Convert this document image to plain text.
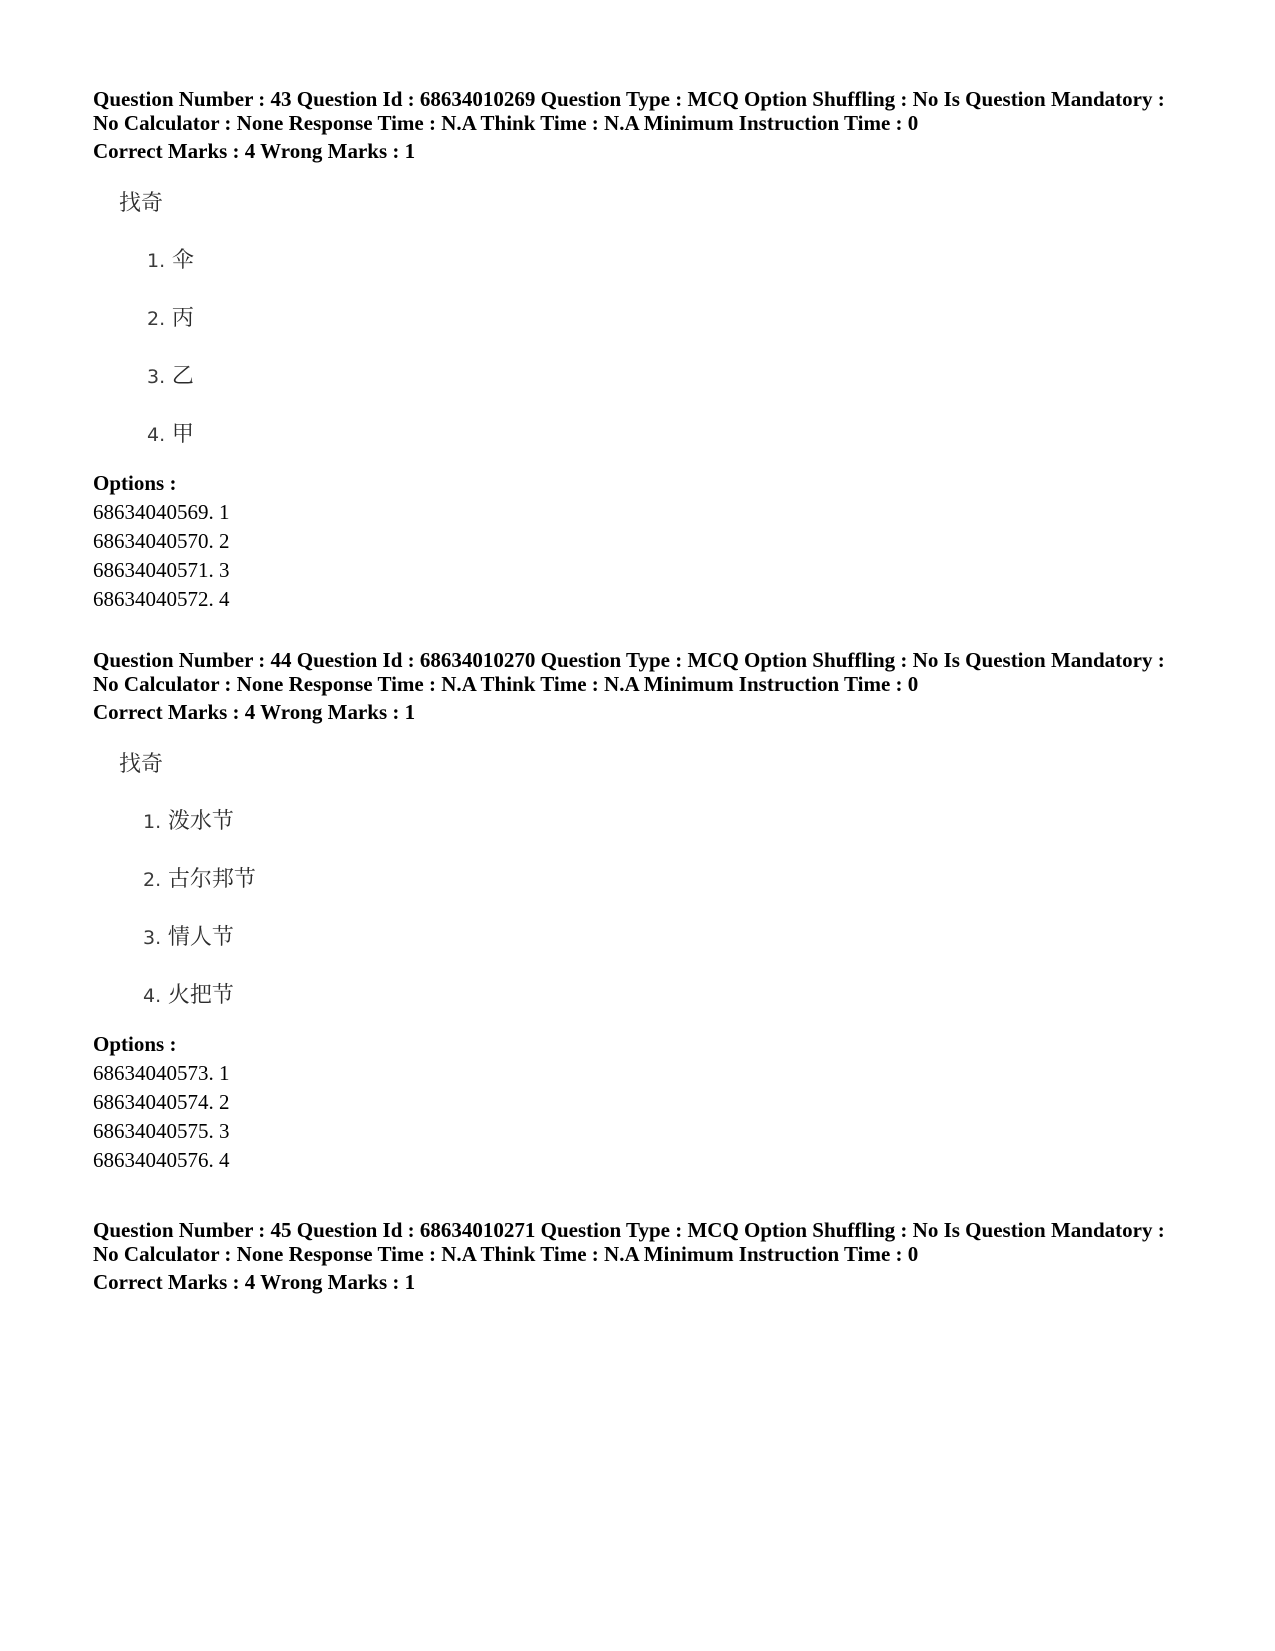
Question Number : 43 Question Id : 68634010269 Question Type : MCQ Option Shuffling : No Is Question Mandatory :
No Calculator : None Response Time : N.A Think Time : N.A Minimum Instruction Time : 0
Correct Marks : 4 Wrong Marks : 1
找奇
1. 伞
2. 丙
3. 乙
4. 甲
Options :
68634040569. 1
68634040570. 2
68634040571. 3
68634040572. 4
Question Number : 44 Question Id : 68634010270 Question Type : MCQ Option Shuffling : No Is Question Mandatory :
No Calculator : None Response Time : N.A Think Time : N.A Minimum Instruction Time : 0
Correct Marks : 4 Wrong Marks : 1
找奇
1. 泼水节
2. 古尔邦节
3. 情人节
4. 火把节
Options :
68634040573. 1
68634040574. 2
68634040575. 3
68634040576. 4
Question Number : 45 Question Id : 68634010271 Question Type : MCQ Option Shuffling : No Is Question Mandatory :
No Calculator : None Response Time : N.A Think Time : N.A Minimum Instruction Time : 0
Correct Marks : 4 Wrong Marks : 1
